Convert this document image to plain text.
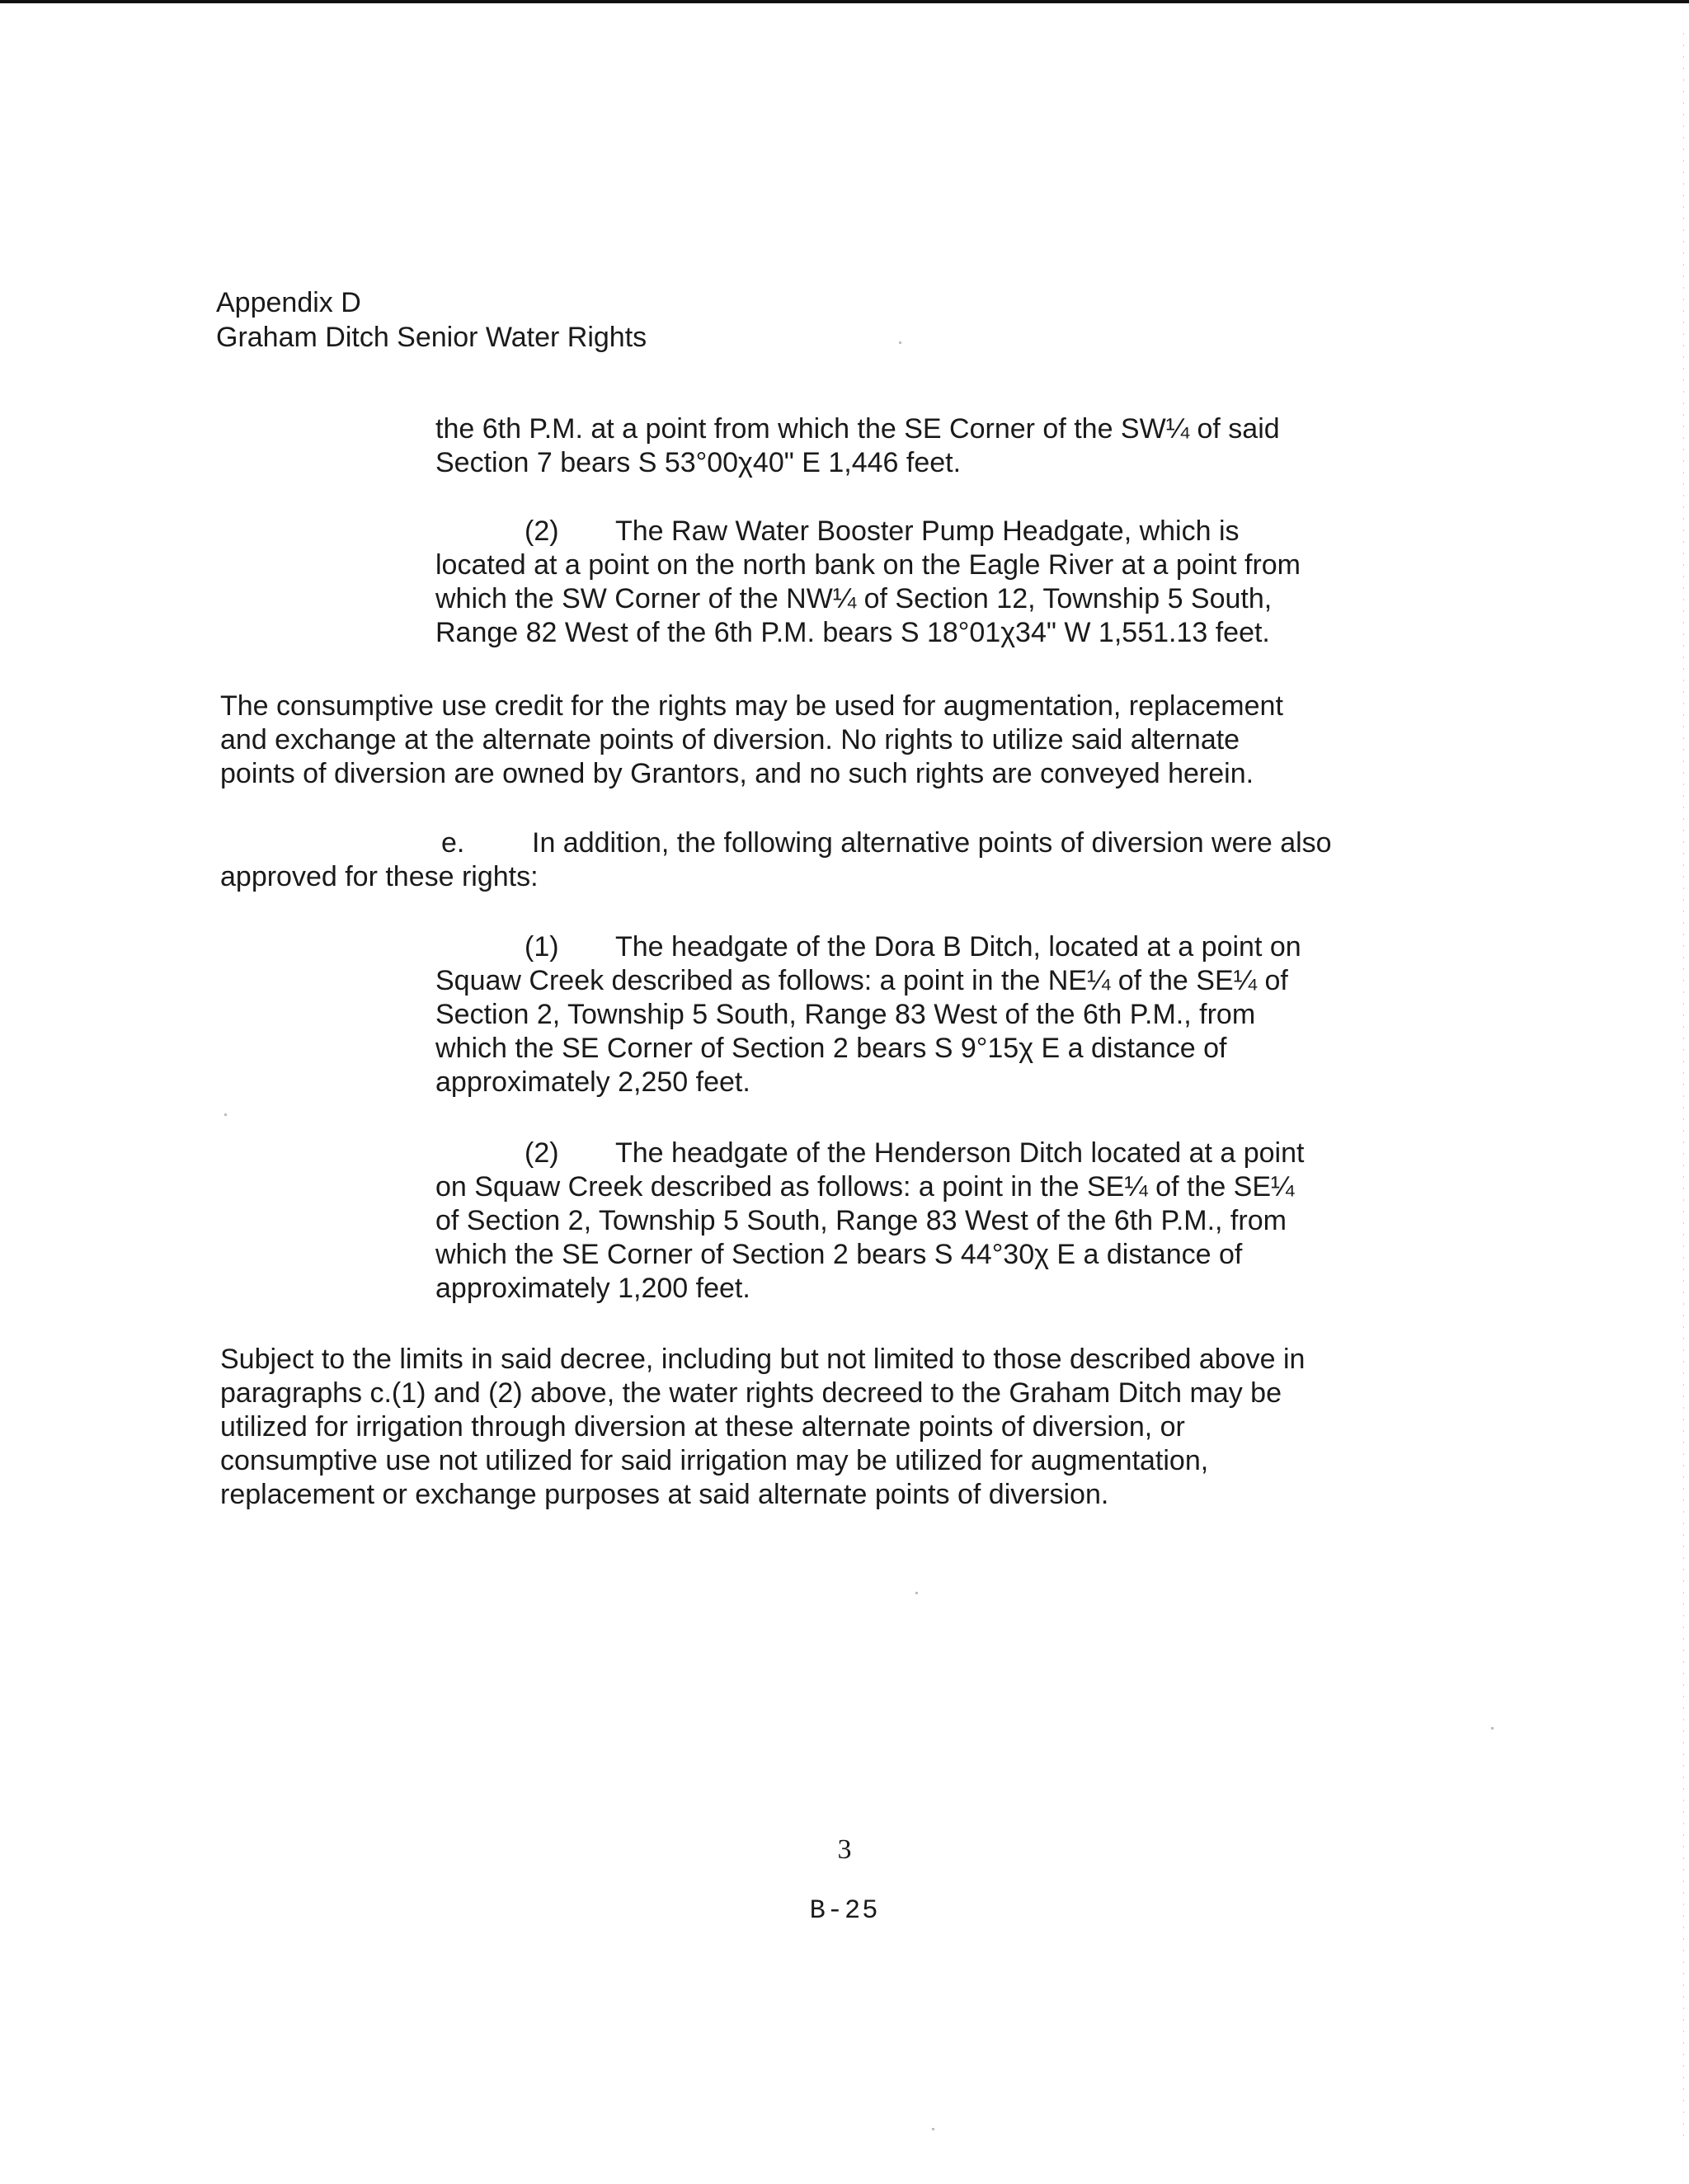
Appendix D
Graham Ditch Senior Water Rights
the 6th P.M. at a point from which the SE Corner of the SW¼ of said
Section 7 bears S 53°00χ40" E 1,446 feet.
(2) The Raw Water Booster Pump Headgate, which is
located at a point on the north bank on the Eagle River at a point from
which the SW Corner of the NW¼ of Section 12, Township 5 South,
Range 82 West of the 6th P.M. bears S 18°01χ34" W 1,551.13 feet.
The consumptive use credit for the rights may be used for augmentation, replacement
and exchange at the alternate points of diversion. No rights to utilize said alternate
points of diversion are owned by Grantors, and no such rights are conveyed herein.
e. In addition, the following alternative points of diversion were also
approved for these rights:
(1) The headgate of the Dora B Ditch, located at a point on
Squaw Creek described as follows: a point in the NE¼ of the SE¼ of
Section 2, Township 5 South, Range 83 West of the 6th P.M., from
which the SE Corner of Section 2 bears S 9°15χ E a distance of
approximately 2,250 feet.
(2) The headgate of the Henderson Ditch located at a point
on Squaw Creek described as follows: a point in the SE¼ of the SE¼
of Section 2, Township 5 South, Range 83 West of the 6th P.M., from
which the SE Corner of Section 2 bears S 44°30χ E a distance of
approximately 1,200 feet.
Subject to the limits in said decree, including but not limited to those described above in
paragraphs c.(1) and (2) above, the water rights decreed to the Graham Ditch may be
utilized for irrigation through diversion at these alternate points of diversion, or
consumptive use not utilized for said irrigation may be utilized for augmentation,
replacement or exchange purposes at said alternate points of diversion.
3
B-25
